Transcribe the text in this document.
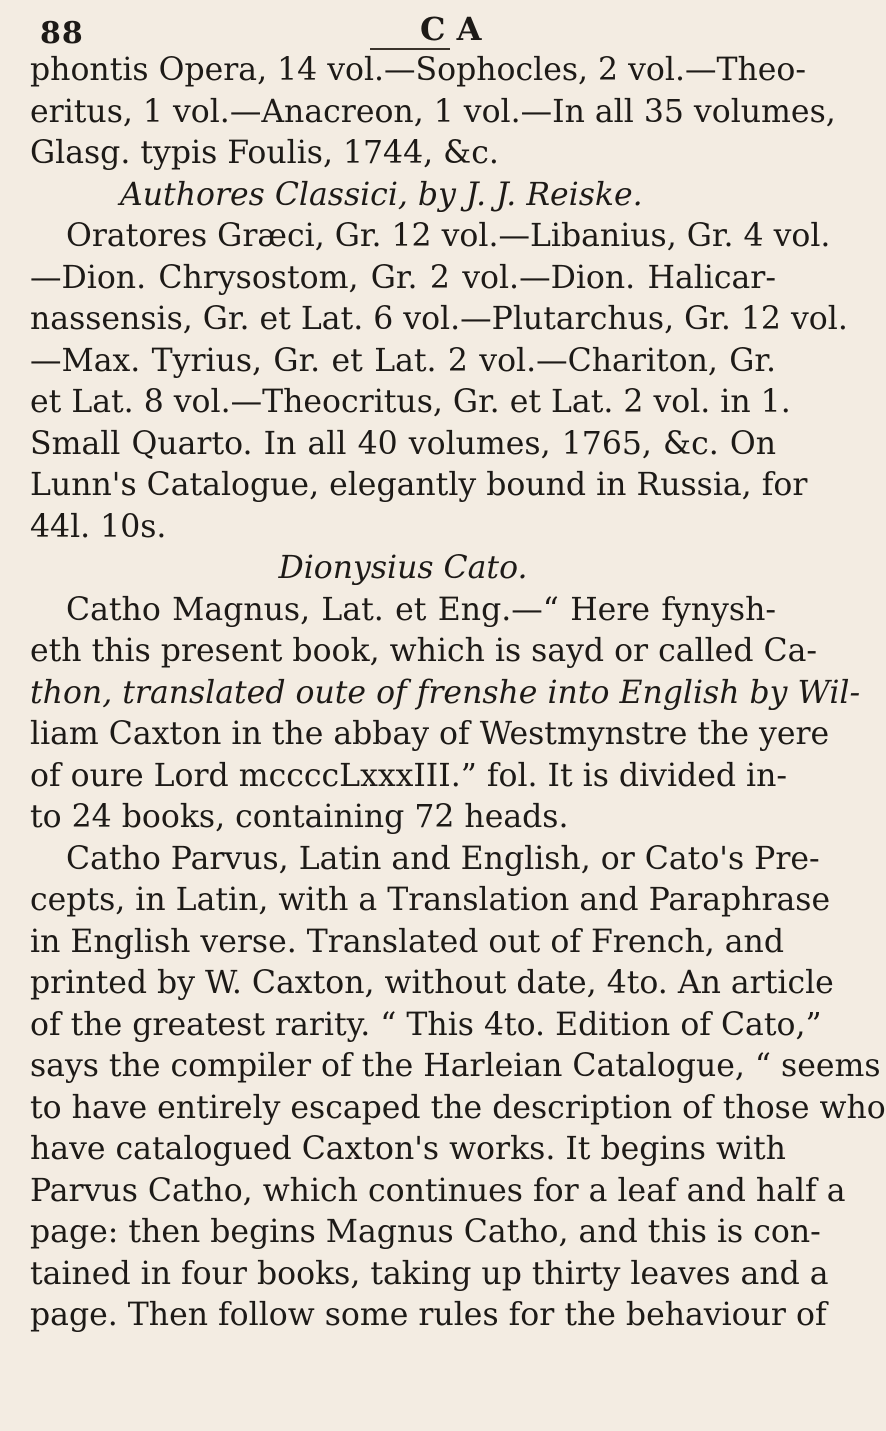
88	C A
phontis Opera, 14 vol.—Sophocles, 2 vol.—Theo-
eritus, 1 vol.—Anacreon, 1 vol.—In all 35 volumes,
Glasg. typis Foulis, 1744, &c.
Authores Classici, by J. J. Reiske.
Oratores Græci, Gr. 12 vol.—Libanius, Gr. 4 vol.
—Dion. Chrysostom, Gr. 2 vol.—Dion. Halicar-
nassensis, Gr. et Lat. 6 vol.—Plutarchus, Gr. 12 vol.
—Max. Tyrius, Gr. et Lat. 2 vol.—Chariton, Gr.
et Lat. 8 vol.—Theocritus, Gr. et Lat. 2 vol. in 1.
Small Quarto. In all 40 volumes, 1765, &c. On
Lunn's Catalogue, elegantly bound in Russia, for
44l. 10s.
Dionysius Cato.
Catho Magnus, Lat. et Eng.—“ Here fynysh-
eth this present book, which is sayd or called Ca-
thon, translated oute of frenshe into English by Wil-
liam Caxton in the abbay of Westmynstre the yere
of oure Lord mccccLxxxIII.” fol. It is divided in-
to 24 books, containing 72 heads.
Catho Parvus, Latin and English, or Cato's Pre-
cepts, in Latin, with a Translation and Paraphrase
in English verse. Translated out of French, and
printed by W. Caxton, without date, 4to. An article
of the greatest rarity. “ This 4to. Edition of Cato,”
says the compiler of the Harleian Catalogue, “ seems
to have entirely escaped the description of those who
have catalogued Caxton's works. It begins with
Parvus Catho, which continues for a leaf and half a
page: then begins Magnus Catho, and this is con-
tained in four books, taking up thirty leaves and a
page. Then follow some rules for the behaviour of
